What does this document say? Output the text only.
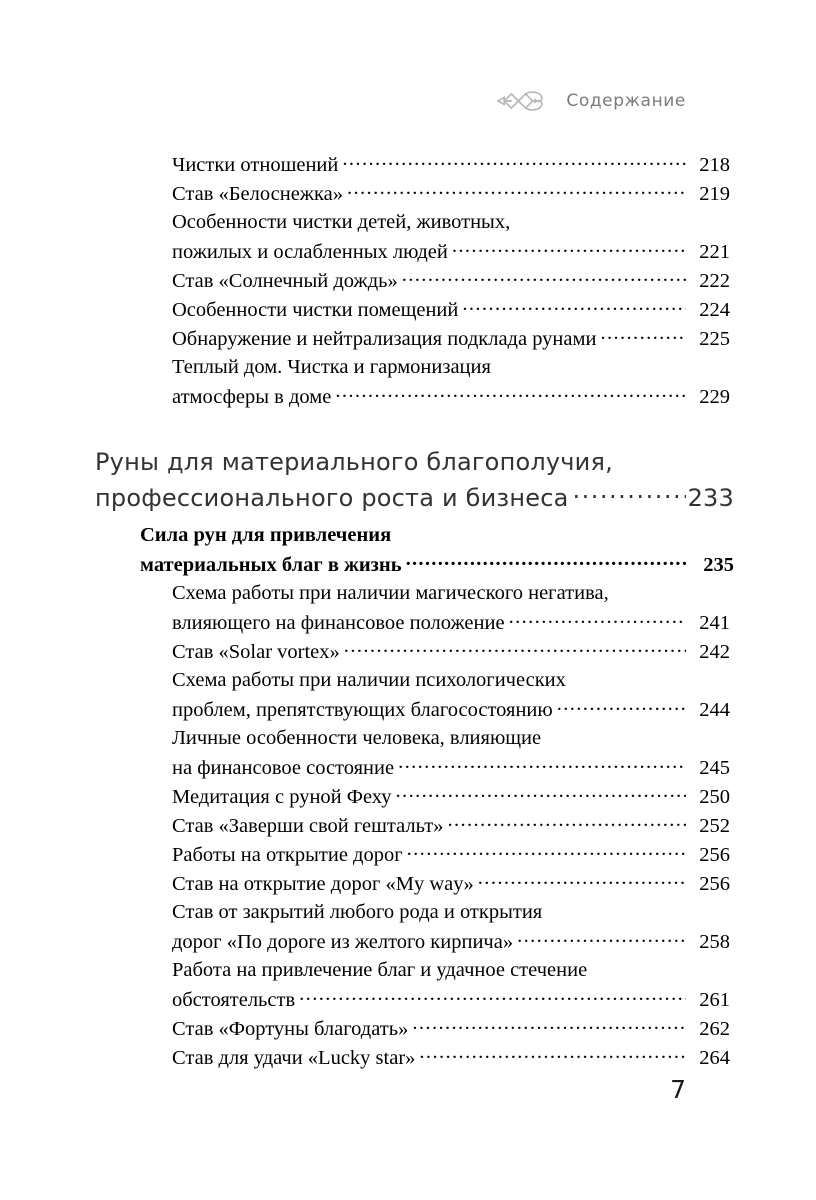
Содержание
Чистки отношений .....	218
Став «Белоснежка» .....	219
Особенности чистки детей, животных,
пожилых и ослабленных людей .....	221
Став «Солнечный дождь» .....	222
Особенности чистки помещений .....	224
Обнаружение и нейтрализация подклада рунами .....	225
Теплый дом. Чистка и гармонизация
атмосферы в доме .....	229
Руны для материального благополучия,
профессионального роста и бизнеса .....	233
Сила рун для привлечения
материальных благ в жизнь .....	235
Схема работы при наличии магического негатива,
влияющего на финансовое положение .....	241
Став «Solar vortex» .....	242
Схема работы при наличии психологических
проблем, препятствующих благосостоянию .....	244
Личные особенности человека, влияющие
на финансовое состояние .....	245
Медитация с руной Феху .....	250
Став «Заверши свой гештальт» .....	252
Работы на открытие дорог .....	256
Став на открытие дорог «My way» .....	256
Став от закрытий любого рода и открытия
дорог «По дороге из желтого кирпича» .....	258
Работа на привлечение благ и удачное стечение
обстоятельств .....	261
Став «Фортуны благодать» .....	262
Став для удачи «Lucky star» .....	264
7
